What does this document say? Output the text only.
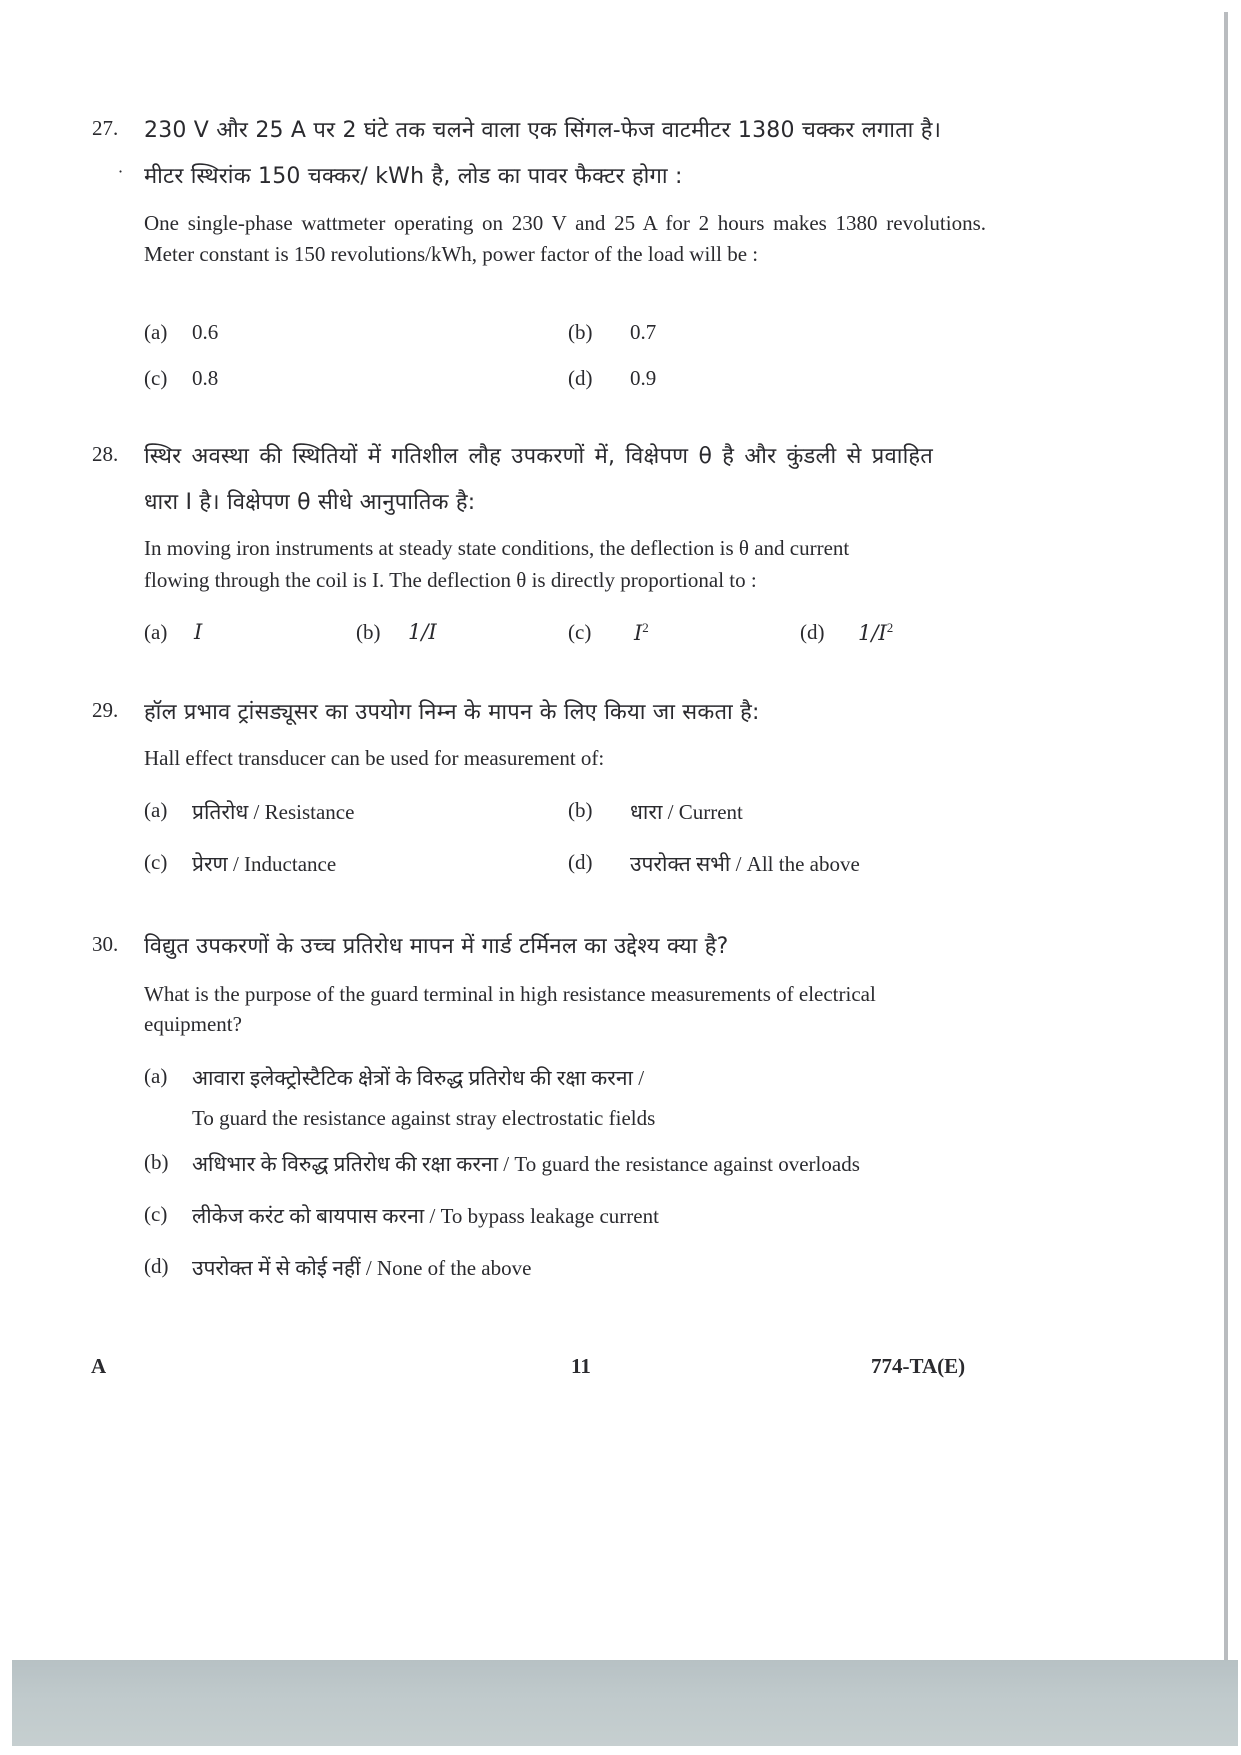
27. 230 V और 25 A पर 2 घंटे तक चलने वाला एक सिंगल-फेज वाटमीटर 1380 चक्कर लगाता है।
· मीटर स्थिरांक 150 चक्कर/ kWh है, लोड का पावर फैक्टर होगा :
One single-phase wattmeter operating on 230 V and 25 A for 2 hours makes 1380 revolutions. Meter constant is 150 revolutions/kWh, power factor of the load will be :
(a) 0.6	(b) 0.7
(c) 0.8	(d) 0.9
28. स्थिर अवस्था की स्थितियों में गतिशील लौह उपकरणों में, विक्षेपण θ है और कुंडली से प्रवाहित
धारा I है। विक्षेपण θ सीधे आनुपातिक है:
In moving iron instruments at steady state conditions, the deflection is θ and current
flowing through the coil is I. The deflection θ is directly proportional to :
(a) I	(b) 1/I	(c) $I^2$	(d) $1/I^2$
29. हॉल प्रभाव ट्रांसड्यूसर का उपयोग निम्न के मापन के लिए किया जा सकता है:
Hall effect transducer can be used for measurement of:
(a) प्रतिरोध / Resistance	(b) धारा / Current
(c) प्रेरण / Inductance	(d) उपरोक्त सभी / All the above
30. विद्युत उपकरणों के उच्च प्रतिरोध मापन में गार्ड टर्मिनल का उद्देश्य क्या है?
What is the purpose of the guard terminal in high resistance measurements of electrical
equipment?
(a) आवारा इलेक्ट्रोस्टैटिक क्षेत्रों के विरुद्ध प्रतिरोध की रक्षा करना /
To guard the resistance against stray electrostatic fields
(b) अधिभार के विरुद्ध प्रतिरोध की रक्षा करना / To guard the resistance against overloads
(c) लीकेज करंट को बायपास करना / To bypass leakage current
(d) उपरोक्त में से कोई नहीं / None of the above
A	11	774-TA(E)
